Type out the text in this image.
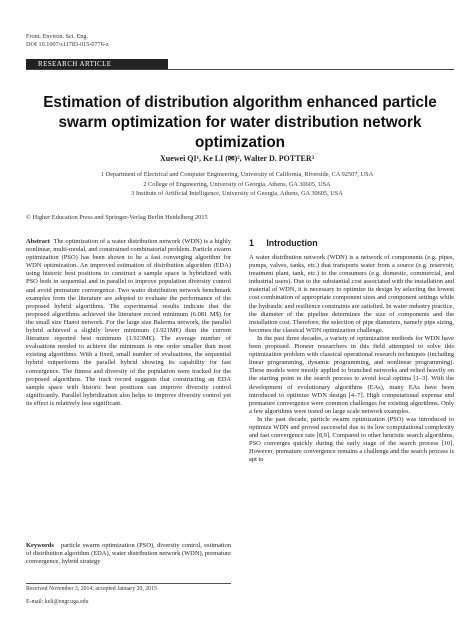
Front. Environ. Sci. Eng.
DOI 10.1007/s11783-015-0776-z
RESEARCH ARTICLE
Estimation of distribution algorithm enhanced particle swarm optimization for water distribution network optimization
Xuewei QI¹, Ke LI (✉)², Walter D. POTTER³
1 Department of Electrical and Computer Engineering, University of California, Riverside, CA 92507, USA
2 College of Engineering, University of Georgia, Athens, GA 30605, USA
3 Institute of Artificial Intelligence, University of Georgia, Athens, GA 30605, USA
© Higher Education Press and Springer-Verlag Berlin Heidelberg 2015
Abstract The optimization of a water distribution network (WDN) is a highly nonlinear, multi-modal, and constrained combinatorial problem. Particle swarm optimization (PSO) has been shown to be a fast converging algorithm for WDN optimization. An improved estimation of distribution algorithm (EDA) using historic best positions to construct a sample space is hybridized with PSO both in sequential and in parallel to improve population diversity control and avoid premature convergence. Two water distribution network benchmark examples from the literature are adopted to evaluate the performance of the proposed hybrid algorithms. The experimental results indicate that the proposed algorithms achieved the literature record minimum (6.081 M$) for the small size Hanoi network. For the large size Balerma network, the parallel hybrid achieved a slightly lower minimum (1.921M€) than the current literature reported best minimum (1.923M€). The average number of evaluations needed to achieve the minimum is one order smaller than most existing algorithms. With a fixed, small number of evaluations, the sequential hybrid outperforms the parallel hybrid showing its capability for fast convergence. The fitness and diversity of the population were tracked for the proposed algorithms. The track record suggests that constructing an EDA sample space with historic best positions can improve diversity control significantly. Parallel hybridization also helps to improve diversity control yet its effect is relatively less significant.
Keywords particle swarm optimization (PSO), diversity control, estimation of distribution algorithm (EDA), water distribution network (WDN), premature convergence, hybrid strategy
Received November 3, 2014; accepted January 20, 2015
E-mail: keli@engr.uga.edu
1 Introduction

A water distribution network (WDN) is a network of components (e.g. pipes, pumps, valves, tanks, etc.) that transports water from a source (e.g. reservoir, treatment plant, tank, etc.) to the consumers (e.g. domestic, commercial, and industrial users). Due to the substantial cost associated with the installation and material of WDN, it is necessary to optimize its design by selecting the lowest cost combination of appropriate component sizes and component settings while the hydraulic and resilience constraints are satisfied. In water industry practice, the diameter of the pipeline determines the size of components and the installation cost. Therefore, the selection of pipe diameters, namely pipe sizing, becomes the classical WDN optimization challenge.

In the past three decades, a variety of optimization methods for WDN have been proposed. Pioneer researchers in this field attempted to solve this optimization problem with classical operational research techniques (including linear programming, dynamic programming, and nonlinear programming). These models were mostly applied to branched networks and relied heavily on the starting point in the search process to avoid local optima [1–3]. With the development of evolutionary algorithms (EAs), many EAs have been introduced to optimize WDN design [4–7]. High computational expense and premature convergence were common challenges for existing algorithms. Only a few algorithms were tested on large scale network examples.

In the past decade, particle swarm optimization (PSO) was introduced to optimize WDN and proved successful due to its low computational complexity and fast convergence rate [8,9]. Compared to other heuristic search algorithms, PSO converges quickly during the early stage of the search process [10]. However, premature convergence remains a challenge and the search process is apt to
